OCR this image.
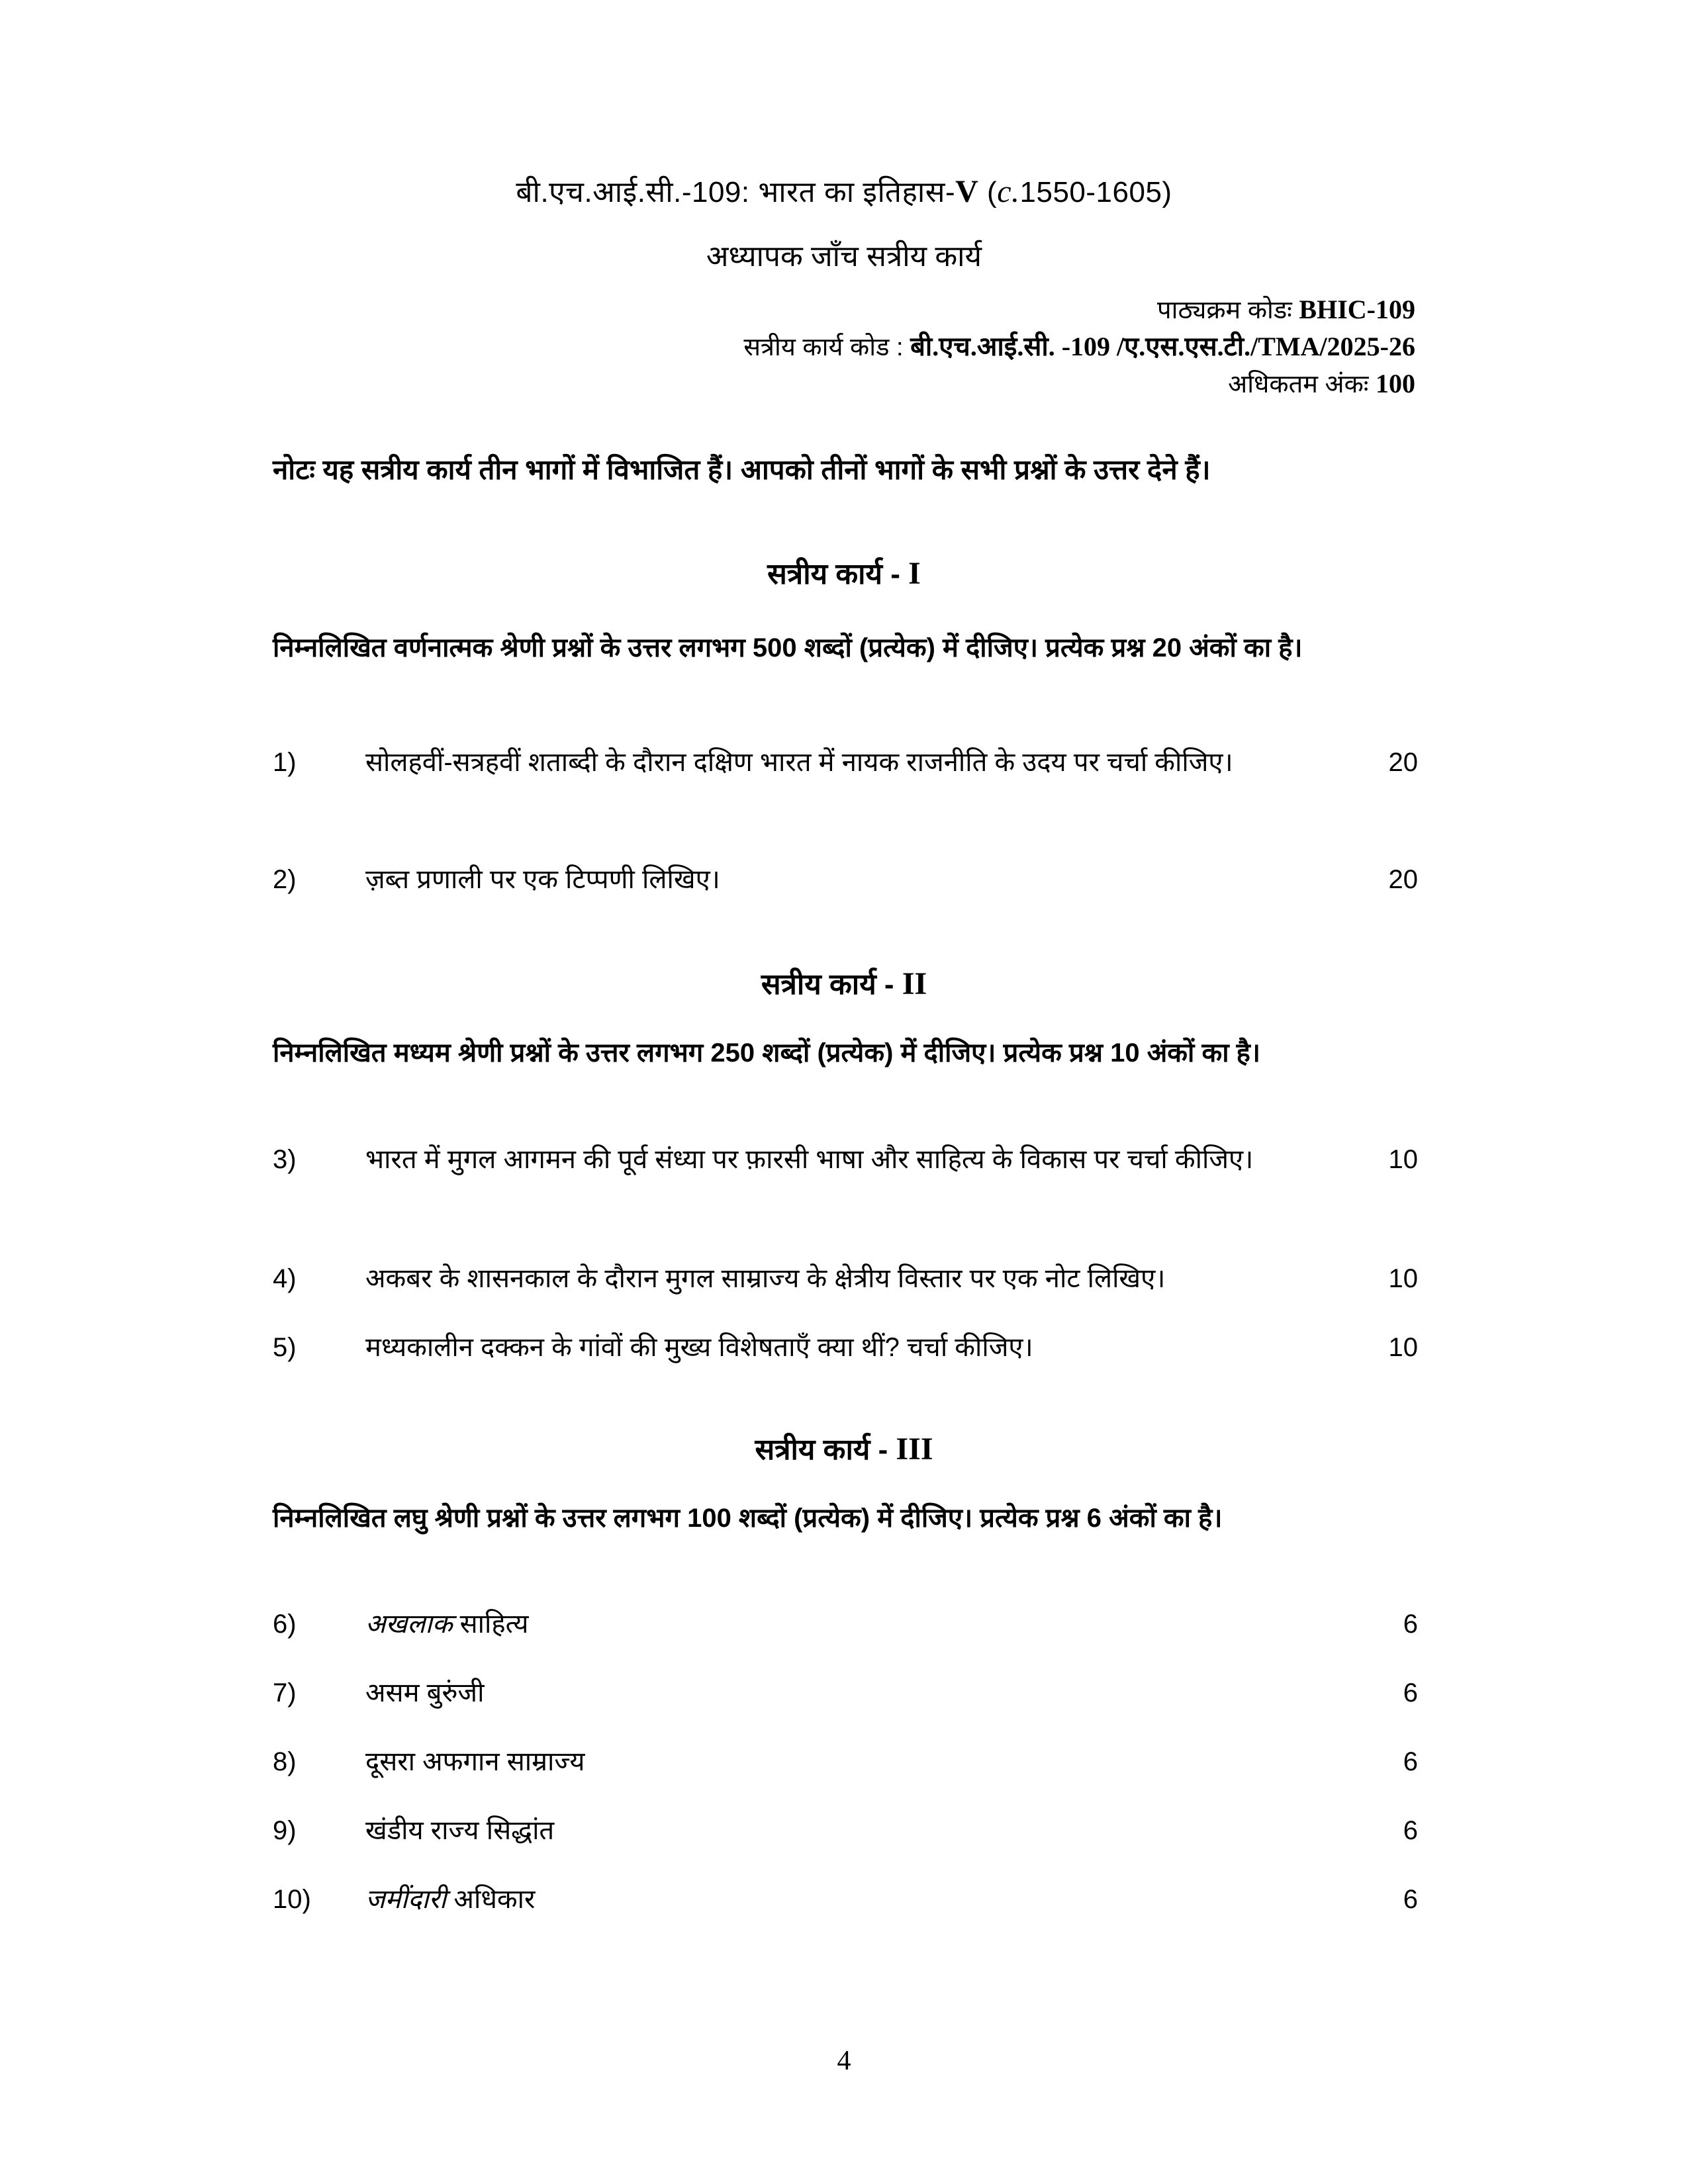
बी.एच.आई.सी.-109: भारत का इतिहास-V (c.1550-1605)
अध्यापक जाँच सत्रीय कार्य
पाठ्यक्रम कोडः BHIC-109
सत्रीय कार्य कोड : बी.एच.आई.सी. -109 /ए.एस.एस.टी./TMA/2025-26
अधिकतम अंकः 100
नोटः यह सत्रीय कार्य तीन भागों में विभाजित हैं। आपको तीनों भागों के सभी प्रश्नों के उत्तर देने हैं।
सत्रीय कार्य - I
निम्नलिखित वर्णनात्मक श्रेणी प्रश्नों के उत्तर लगभग 500 शब्दों (प्रत्येक) में दीजिए। प्रत्येक प्रश्न 20 अंकों का है।
1)	सोलहवीं-सत्रहवीं शताब्दी के दौरान दक्षिण भारत में नायक राजनीति के उदय पर चर्चा कीजिए।	20
2)	ज़ब्त प्रणाली पर एक टिप्पणी लिखिए।	20
सत्रीय कार्य - II
निम्नलिखित मध्यम श्रेणी प्रश्नों के उत्तर लगभग 250 शब्दों (प्रत्येक) में दीजिए। प्रत्येक प्रश्न 10 अंकों का है।
3)	भारत में मुगल आगमन की पूर्व संध्या पर फ़ारसी भाषा और साहित्य के विकास पर चर्चा कीजिए।	10
4)	अकबर के शासनकाल के दौरान मुगल साम्राज्य के क्षेत्रीय विस्तार पर एक नोट लिखिए।	10
5)	मध्यकालीन दक्कन के गांवों की मुख्य विशेषताएँ क्या थीं? चर्चा कीजिए।	10
सत्रीय कार्य - III
निम्नलिखित लघु श्रेणी प्रश्नों के उत्तर लगभग 100 शब्दों (प्रत्येक) में दीजिए। प्रत्येक प्रश्न 6 अंकों का है।
6)	अखलाक साहित्य	6
7)	असम बुरुंजी	6
8)	दूसरा अफगान साम्राज्य	6
9)	खंडीय राज्य सिद्धांत	6
10)	जमींदारी अधिकार	6
4
